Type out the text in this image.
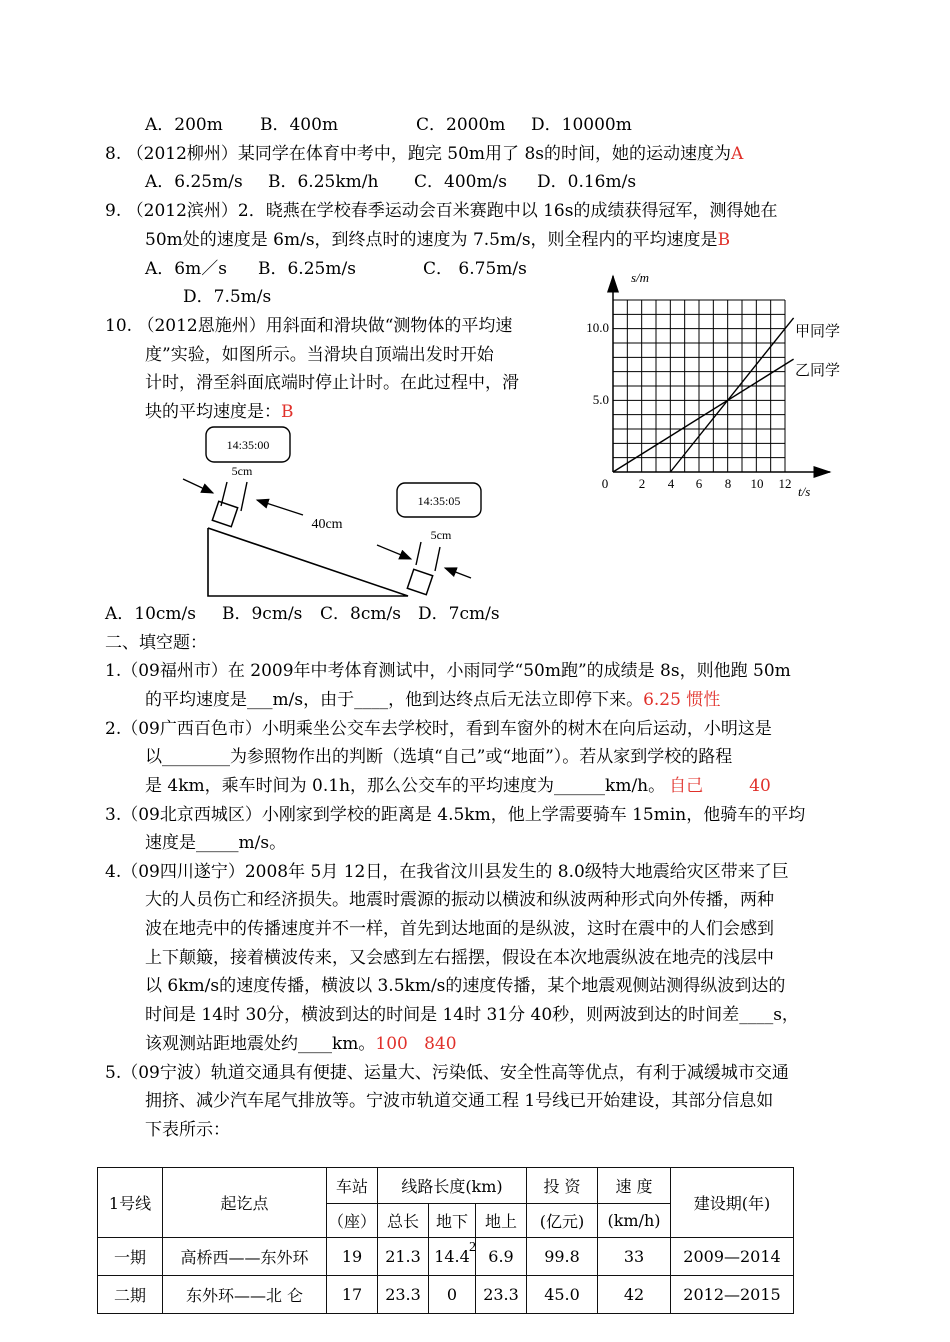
A．200m B．400m	C．2000m D．10000m
8. （2012柳州）某同学在体育中考中，跑完 50m用了 8s的时间，她的运动速度为A
A．6.25m/s B．6.25km/h C．400m/s D．0.16m/s
9. （2012滨州）2．晓燕在学校春季运动会百米赛跑中以 16s的成绩获得冠军，测得她在
50m处的速度是 6m/s，到终点时的速度为 7.5m/s，则全程内的平均速度是B
A．6m／s B．6.25m/s	C． 6.75m/s
D．7.5m/s
10. （2012恩施州）用斜面和滑块做“测物体的平均速
度”实验，如图所示。当滑块自顶端出发时开始
计时，滑至斜面底端时停止计时。在此过程中，滑
块的平均速度是：B
14:35:00
5cm
40cm
14:35:05
5cm
A．10cm/s B．9cm/s C．8cm/s D．7cm/s
s/m
t/s
10.0
5.0
0 2 4 6 8 10 12
甲同学
乙同学
二、填空题：
1.（09福州市）在 2009年中考体育测试中，小雨同学“50m跑”的成绩是 8s，则他跑 50m
的平均速度是___m/s，由于____，他到达终点后无法立即停下来。6.25 惯性
2.（09广西百色市）小明乘坐公交车去学校时，看到车窗外的树木在向后运动，小明这是
以________为参照物作出的判断（选填“自己”或“地面”）。若从家到学校的路程
是 4km，乘车时间为 0.1h，那么公交车的平均速度为______km/h。 自己	40
3.（09北京西城区）小刚家到学校的距离是 4.5km，他上学需要骑车 15min，他骑车的平均
速度是_____m/s。
4.（09四川遂宁）2008年 5月 12日，在我省汶川县发生的 8.0级特大地震给灾区带来了巨
大的人员伤亡和经济损失。地震时震源的振动以横波和纵波两种形式向外传播，两种
波在地壳中的传播速度并不一样，首先到达地面的是纵波，这时在震中的人们会感到
上下颠簸，接着横波传来，又会感到左右摇摆，假设在本次地震纵波在地壳的浅层中
以 6km/s的速度传播，横波以 3.5km/s的速度传播，某个地震观侧站测得纵波到达的
时间是 14时 30分，横波到达的时间是 14时 31分 40秒，则两波到达的时间差____s，
该观测站距地震处约____km。100   840
5.（09宁波）轨道交通具有便捷、运量大、污染低、安全性高等优点，有利于减缓城市交通
拥挤、减少汽车尾气排放等。宁波市轨道交通工程 1号线已开始建设，其部分信息如
下表所示：
1号线	起讫点	车站	线路长度(km)			投 资	速 度	建设期(年)
		（座）	总长	地下	地上	(亿元)	(km/h)	
一期	高桥西——东外环	19	21.3	14.4	6.9	99.8	33	2009—2014
二期	东外环——北 仑	17	23.3	0	23.3	45.0	42	2012—2015
2
